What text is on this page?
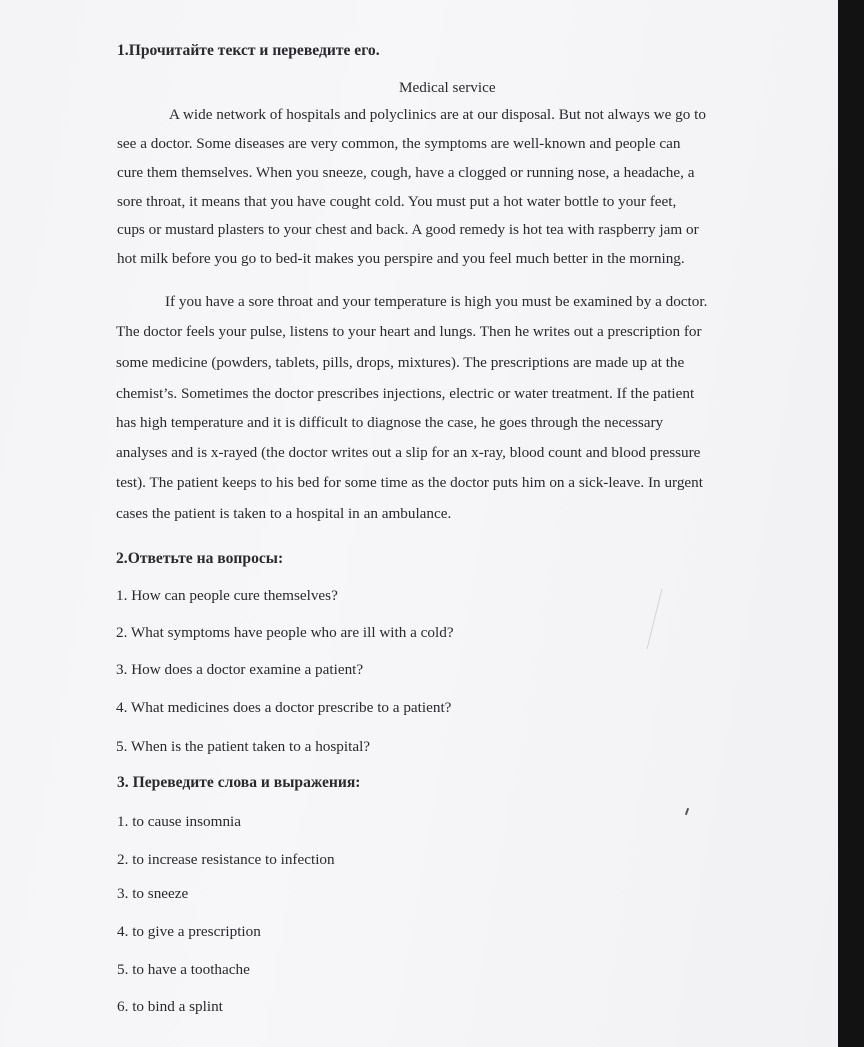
1.Прочитайте текст и переведите его.
Medical service
A wide network of hospitals and polyclinics are at our disposal. But not always we go to
see a doctor. Some diseases are very common, the symptoms are well-known and people can
cure them themselves. When you sneeze, cough, have a clogged or running nose, a headache, a
sore throat, it means that you have cought cold. You must put a hot water bottle to your feet,
cups or mustard plasters to your chest and back. A good remedy is hot tea with raspberry jam or
hot milk before you go to bed-it makes you perspire and you feel much better in the morning.
If you have a sore throat and your temperature is high you must be examined by a doctor.
The doctor feels your pulse, listens to your heart and lungs. Then he writes out a prescription for
some medicine (powders, tablets, pills, drops, mixtures). The prescriptions are made up at the
chemist’s. Sometimes the doctor prescribes injections, electric or water treatment. If the patient
has high temperature and it is difficult to diagnose the case, he goes through the necessary
analyses and is x-rayed (the doctor writes out a slip for an x-ray, blood count and blood pressure
test). The patient keeps to his bed for some time as the doctor puts him on a sick-leave. In urgent
cases the patient is taken to a hospital in an ambulance.
2.Ответьте на вопросы:
1. How can people cure themselves?
2. What symptoms have people who are ill with a cold?
3. How does a doctor examine a patient?
4. What medicines does a doctor prescribe to a patient?
5. When is the patient taken to a hospital?
3. Переведите слова и выражения:
1. to cause insomnia
2. to increase resistance to infection
3. to sneeze
4. to give a prescription
5. to have a toothache
6. to bind a splint
